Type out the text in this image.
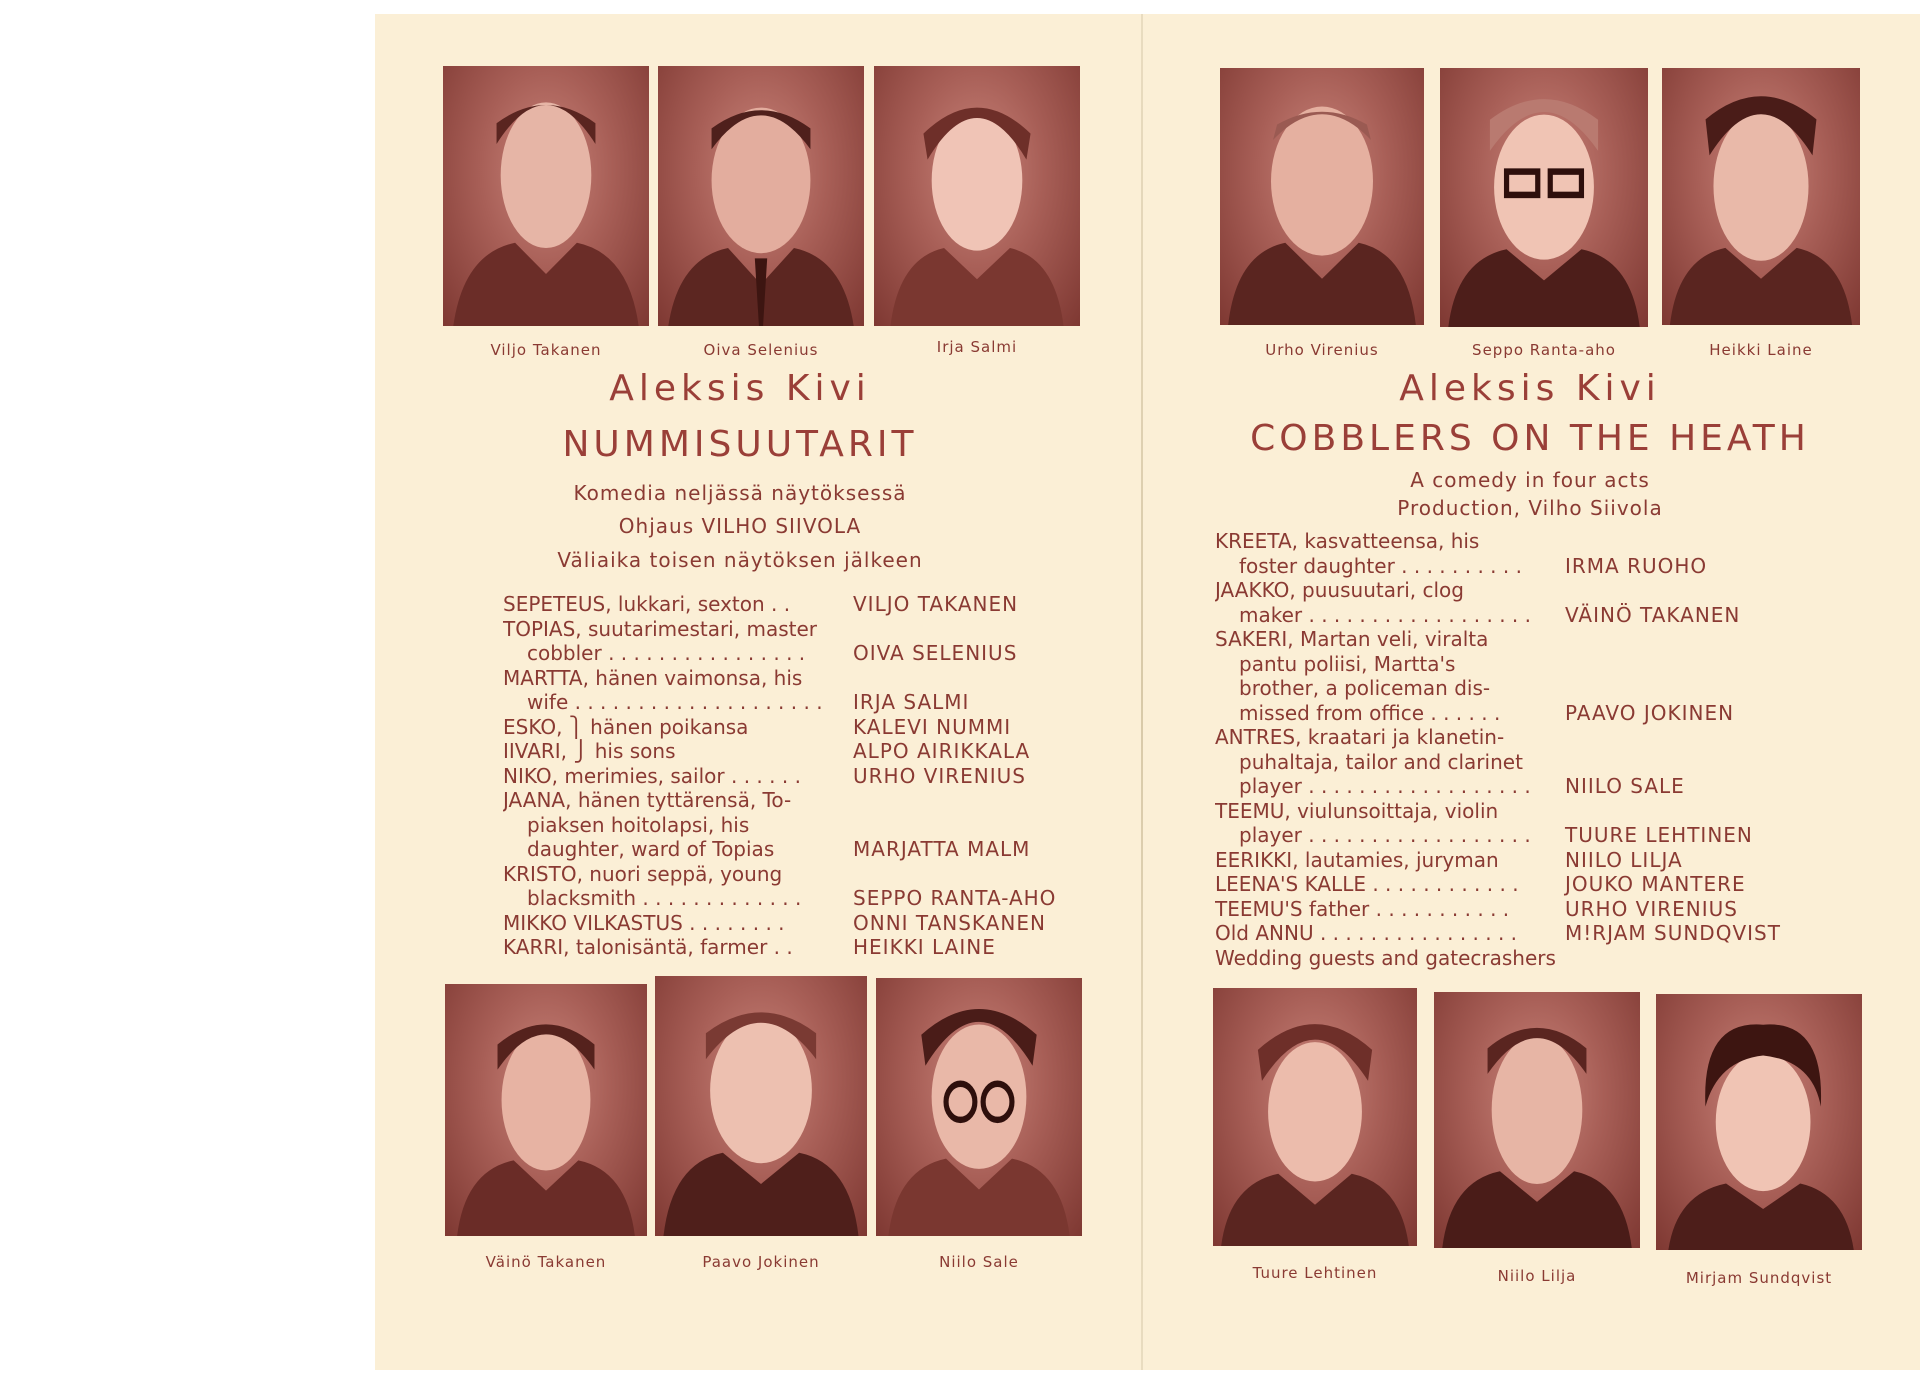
Viljo Takanen	Oiva Selenius	Irja Salmi
Aleksis Kivi
NUMMISUUTARIT
Komedia neljässä näytöksessä
Ohjaus VILHO SIIVOLA
Väliaika toisen näytöksen jälkeen
SEPETEUS, lukkari, sexton . .	VILJO TAKANEN
TOPIAS, suutarimestari, master
cobbler . . . . . . . . . . . . . . . .	OIVA SELENIUS
MARTTA, hänen vaimonsa, his
wife . . . . . . . . . . . . . . . . . . . .	IRJA SALMI
ESKO, ⎫ hänen poikansa	KALEVI NUMMI
IIVARI, ⎭ his sons	ALPO AIRIKKALA
NIKO, merimies, sailor . . . . . .	URHO VIRENIUS
JAANA, hänen tyttärensä, To-
piaksen hoitolapsi, his
daughter, ward of Topias	MARJATTA MALM
KRISTO, nuori seppä, young
blacksmith . . . . . . . . . . . . .	SEPPO RANTA-AHO
MIKKO VILKASTUS . . . . . . . .	ONNI TANSKANEN
KARRI, talonisäntä, farmer . .	HEIKKI LAINE
Väinö Takanen	Paavo Jokinen	Niilo Sale
Urho Virenius	Seppo Ranta-aho	Heikki Laine
Aleksis Kivi
COBBLERS ON THE HEATH
A comedy in four acts
Production, Vilho Siivola
KREETA, kasvatteensa, his
foster daughter . . . . . . . . . .	IRMA RUOHO
JAAKKO, puusuutari, clog
maker . . . . . . . . . . . . . . . . . .	VÄINÖ TAKANEN
SAKERI, Martan veli, viralta
pantu poliisi, Martta's
brother, a policeman dis-
missed from office . . . . . .	PAAVO JOKINEN
ANTRES, kraatari ja klanetin-
puhaltaja, tailor and clarinet
player . . . . . . . . . . . . . . . . . .	NIILO SALE
TEEMU, viulunsoittaja, violin
player . . . . . . . . . . . . . . . . . .	TUURE LEHTINEN
EERIKKI, lautamies, juryman	NIILO LILJA
LEENA'S KALLE . . . . . . . . . . . .	JOUKO MANTERE
TEEMU'S father . . . . . . . . . . .	URHO VIRENIUS
Old ANNU . . . . . . . . . . . . . . . .	M!RJAM SUNDQVIST
Wedding guests and gatecrashers
Tuure Lehtinen	Niilo Lilja	Mirjam Sundqvist
